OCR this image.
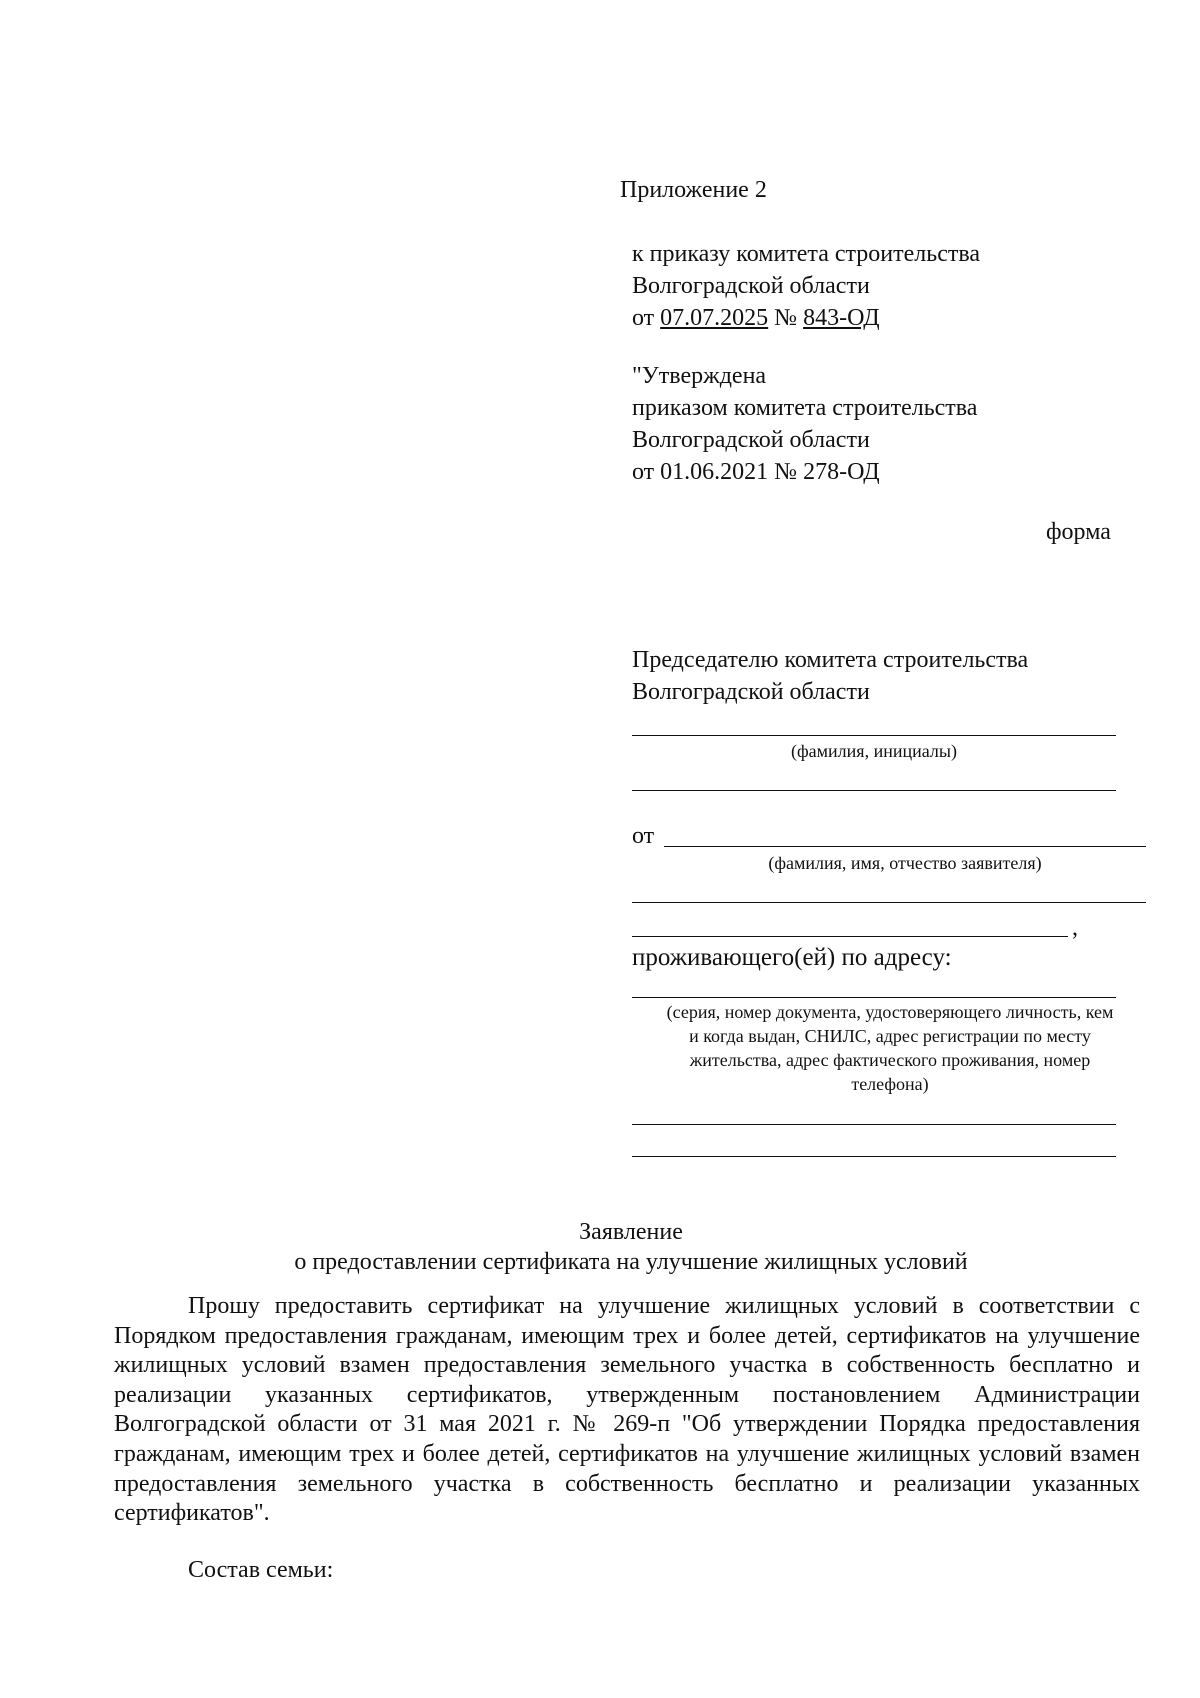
Приложение 2
к приказу комитета строительства
Волгоградской области
от 07.07.2025 № 843-ОД
"Утверждена
приказом комитета строительства
Волгоградской области
от 01.06.2021 № 278-ОД
форма
Председателю комитета строительства
Волгоградской области
(фамилия, инициалы)
от
(фамилия, имя, отчество заявителя)
,
проживающего(ей) по адресу:
(серия, номер документа, удостоверяющего личность, кем
и когда выдан, СНИЛС, адрес регистрации по месту
жительства, адрес фактического проживания, номер
телефона)
Заявление
о предоставлении сертификата на улучшение жилищных условий
Прошу предоставить сертификат на улучшение жилищных условий в соответствии с Порядком предоставления гражданам, имеющим трех и более детей, сертификатов на улучшение жилищных условий взамен предоставления земельного участка в собственность бесплатно и реализации указанных сертификатов, утвержденным постановлением Администрации Волгоградской области от 31 мая 2021 г. № 269-п "Об утверждении Порядка предоставления гражданам, имеющим трех и более детей, сертификатов на улучшение жилищных условий взамен предоставления земельного участка в собственность бесплатно и реализации указанных сертификатов".
Состав семьи:
